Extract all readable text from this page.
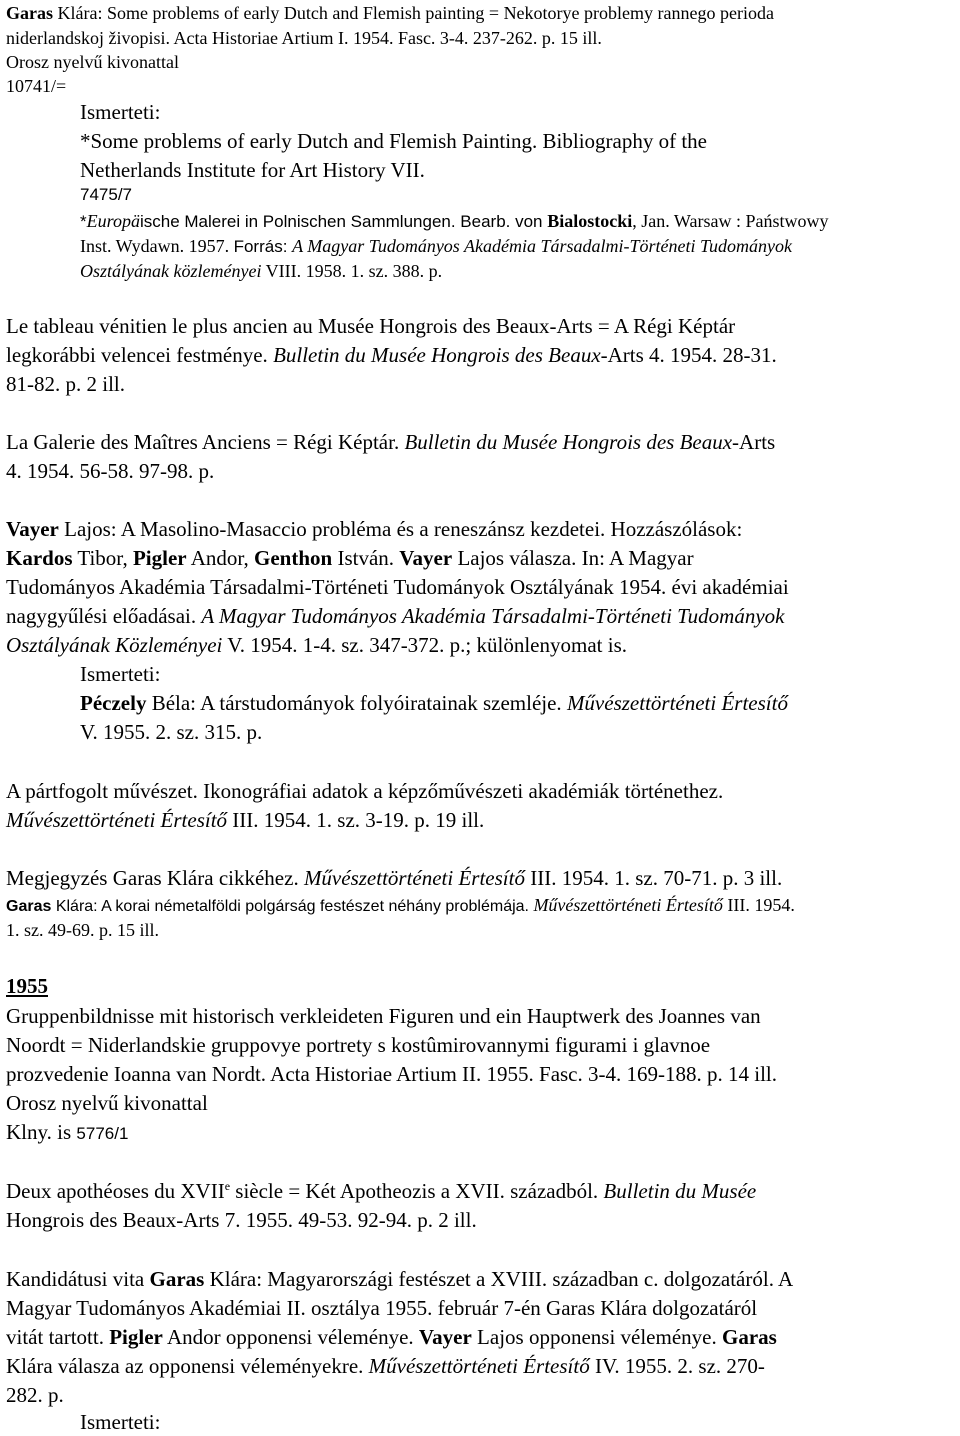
Garas Klára: Some problems of early Dutch and Flemish painting = Nekotorye problemy rannego perioda
niderlandskoj živopisi. Acta Historiae Artium I. 1954. Fasc. 3-4. 237-262. p. 15 ill.
Orosz nyelvű kivonattal
10741/=
Ismerteti:
*Some problems of early Dutch and Flemish Painting. Bibliography of the
Netherlands Institute for Art History VII.
7475/7
*Europäische Malerei in Polnischen Sammlungen. Bearb. von Bialostocki, Jan. Warsaw : Państwowy
Inst. Wydawn. 1957. Forrás: A Magyar Tudományos Akadémia Társadalmi-Történeti Tudományok
Osztályának közleményei VIII. 1958. 1. sz. 388. p.
Le tableau vénitien le plus ancien au Musée Hongrois des Beaux-Arts = A Régi Képtár
legkorábbi velencei festménye. Bulletin du Musée Hongrois des Beaux-Arts 4. 1954. 28-31.
81-82. p. 2 ill.
La Galerie des Maîtres Anciens = Régi Képtár. Bulletin du Musée Hongrois des Beaux-Arts
4. 1954. 56-58. 97-98. p.
Vayer Lajos: A Masolino-Masaccio probléma és a reneszánsz kezdetei. Hozzászólások:
Kardos Tibor, Pigler Andor, Genthon István. Vayer Lajos válasza. In: A Magyar
Tudományos Akadémia Társadalmi-Történeti Tudományok Osztályának 1954. évi akadémiai
nagygyűlési előadásai. A Magyar Tudományos Akadémia Társadalmi-Történeti Tudományok
Osztályának Közleményei V. 1954. 1-4. sz. 347-372. p.; különlenyomat is.
Ismerteti:
Péczely Béla: A társtudományok folyóiratainak szemléje. Művészettörténeti Értesítő
V. 1955. 2. sz. 315. p.
A pártfogolt művészet. Ikonográfiai adatok a képzőművészeti akadémiák történethez.
Művészettörténeti Értesítő III. 1954. 1. sz. 3-19. p. 19 ill.
Megjegyzés Garas Klára cikkéhez. Művészettörténeti Értesítő III. 1954. 1. sz. 70-71. p. 3 ill.
Garas Klára: A korai németalföldi polgárság festészet néhány problémája. Művészettörténeti Értesítő III. 1954.
1. sz. 49-69. p. 15 ill.
1955
Gruppenbildnisse mit historisch verkleideten Figuren und ein Hauptwerk des Joannes van
Noordt = Niderlandskie gruppovye portrety s kostûmirovannymi figurami i glavnoe
prozvedenie Ioanna van Nordt. Acta Historiae Artium II. 1955. Fasc. 3-4. 169-188. p. 14 ill.
Orosz nyelvű kivonattal
Klny. is 5776/1
Deux apothéoses du XVIIe siècle = Két Apotheozis a XVII. századból. Bulletin du Musée
Hongrois des Beaux-Arts 7. 1955. 49-53. 92-94. p. 2 ill.
Kandidátusi vita Garas Klára: Magyarországi festészet a XVIII. században c. dolgozatáról. A
Magyar Tudományos Akadémiai II. osztálya 1955. február 7-én Garas Klára dolgozatáról
vitát tartott. Pigler Andor opponensi véleménye. Vayer Lajos opponensi véleménye. Garas
Klára válasza az opponensi véleményekre. Művészettörténeti Értesítő IV. 1955. 2. sz. 270-
282. p.
Ismerteti:
